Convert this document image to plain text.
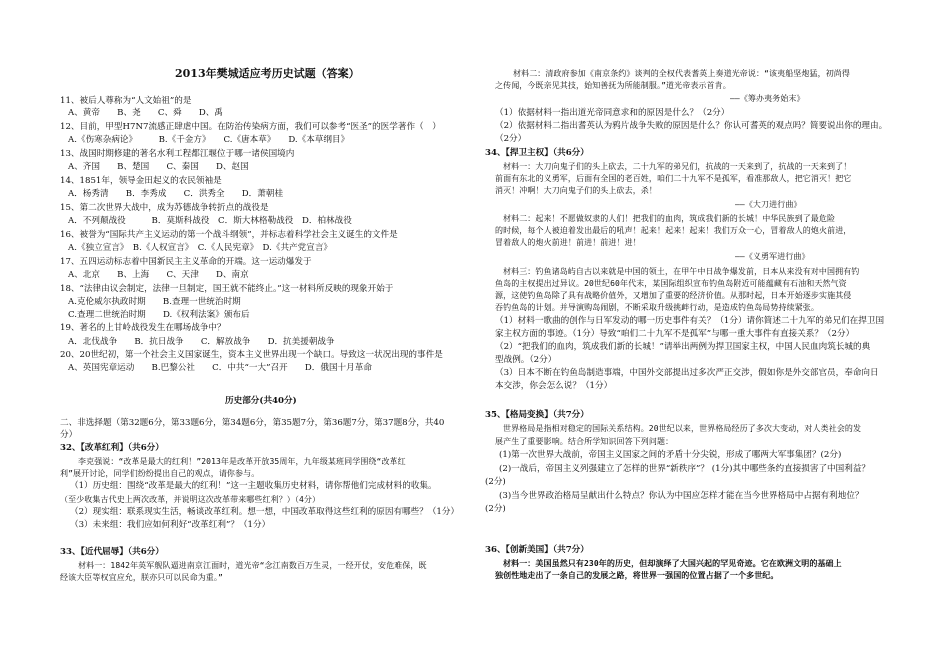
2013年樊城适应考历史试题（答案）
11、被后人尊称为“人文始祖”的是
A、黄帝　　B、尧　　C、舜　　D、禹
12、目前，甲型H7N7流感正肆虐中国。在防治传染病方面，我们可以参考“医圣”的医学著作（　）
A.《伤寒杂病论》　　　B.《千金方》　　C.《唐本草》　　D.《本草纲目》
13、战国时期修建的著名水利工程都江堰位于哪一诸侯国境内
A、齐国　　B、楚国　　C、秦国　　D、赵国
14、1851年，领导金田起义的农民领袖是
A．杨秀清　　B．李秀成　　C．洪秀全　　D．萧朝桂
15、第二次世界大战中，成为苏德战争转折点的战役是
A．不列颠战役　　　B．莫斯科战役　C．斯大林格勒战役　D．柏林战役
16、被誉为“国际共产主义运动的第一个战斗纲领”，并标志着科学社会主义诞生的文件是
A.《独立宣言》　B.《人权宣言》　C.《人民宪章》　D.《共产党宣言》
17、五四运动标志着中国新民主主义革命的开端。这一运动爆发于
A、北京　　B、上海　　C、天津　　D、南京
18、“法律由议会制定，法律一旦制定，国王就不能终止。”这一材料所反映的现象开始于
A.克伦威尔执政时期　　B.查理一世统治时期
C.查理二世统治时期　　D.《权利法案》颁布后
19、著名的上甘岭战役发生在哪场战争中？
A．北伐战争　　B．抗日战争　　C．解放战争　　D．抗美援朝战争
20、20世纪初，第一个社会主义国家诞生，资本主义世界出现一个缺口。导致这一状况出现的事件是
A、英国宪章运动　　B.巴黎公社　　C．中共“一大”召开　　D．俄国十月革命
历史部分(共40分)
二、非选择题（第32题6分，第33题6分，第34题6分，第35题7分，第36题7分，第37题8分，共40
分）
32、【改革红利】（共6分）
李克强说：“改革是最大的红利！”2013年是改革开放35周年，九年级某班同学围绕“改革红
利”展开讨论，同学们纷纷提出自己的观点，请你参与。
（1）历史组：围绕“改革是最大的红利！”这一主题收集历史材料，请你帮他们完成材料的收集。
（至少收集古代史上两次改革，并说明这次改革带来哪些红利？）（4分）
（2）现实组：联系现实生活，畅谈改革红利。想一想，中国改革取得这些红利的原因有哪些？（1分）
（3）未来组：我们应如何利好“改革红利”？（1分）
33、【近代屈辱】（共6分）
材料一：1842年英军舰队逼进南京江面时，道光帝“念江南数百万生灵，一经开仗，安危难保，既
经该大臣等权宜应允，朕亦只可以民命为重。”
材料二：清政府参加《南京条约》谈判的全权代表耆英上奏道光帝说：“该夷船坚炮猛，初尚得
之传闻，今既亲见其技，始知善抚为所能制服。”道光帝表示首肯。
——《筹办夷务始末》
（1）依据材料一指出道光帝同意求和的原因是什么？（2分）
（2）依据材料二指出耆英认为鸦片战争失败的原因是什么？你认可耆英的观点吗？简要说出你的理由。
（2分）
34、【捍卫主权】（共6分）
材料一：大刀向鬼子们的头上砍去，二十九军的弟兄们，抗战的一天来到了，抗战的一天来到了！
前面有东北的义勇军，后面有全国的老百姓，咱们二十九军不是孤军，看准那敌人，把它消灭！把它
消灭！冲啊！大刀向鬼子们的头上砍去，杀！
——《大刀进行曲》
材料二：起来！不愿做奴隶的人们！把我们的血肉，筑成我们新的长城！中华民族到了最危险
的时候，每个人被迫着发出最后的吼声！起来！起来！起来！我们万众一心，冒着敌人的炮火前进，
冒着敌人的炮火前进！前进！前进！进！
——《义勇军进行曲》
材料三：钓鱼诸岛屿自古以来就是中国的领土，在甲午中日战争爆发前，日本从来没有对中国拥有钓
鱼岛的主权提出过异议。20世纪60年代末，某国际组织宣布钓鱼岛附近可能蕴藏有石油和天然气资
源，这使钓鱼岛除了具有战略价值外，又增加了重要的经济价值。从那时起，日本开始逐步实施其侵
吞钓鱼岛的计划。并导演购岛闹剧，不断采取升级挑衅行动，是造成钓鱼岛局势持续紧张。
（1）材料一歌曲的创作与日军发动的哪一历史事件有关？（1分）请你简述二十九军的弟兄们在捍卫国
家主权方面的事迹。（1分）导致“咱们二十九军不是孤军”与哪一重大事件有直接关系？（2分）
（2）“把我们的血肉，筑成我们新的长城！”请举出两例为捍卫国家主权，中国人民血肉筑长城的典
型战例。（2分）
（3）日本不断在钓鱼岛制造事端，中国外交部提出过多次严正交涉，假如你是外交部官员，奉命向日
本交涉，你会怎么说？（1分）
35、【格局变换】（共7分）
世界格局是指相对稳定的国际关系结构。20世纪以来，世界格局经历了多次大变动，对人类社会的发
展产生了重要影响。结合所学知识回答下列问题：
(1)第一次世界大战前，帝国主义国家之间的矛盾十分尖锐，形成了哪两大军事集团？(2分)
(2)一战后，帝国主义列强建立了怎样的世界“新秩序”？ (1分)其中哪些条约直接损害了中国利益？
(2分)
(3)当今世界政治格局呈献出什么特点？你认为中国应怎样才能在当今世界格局中占据有利地位？
(2分)
36、【创新美国】（共7分）
材料一：美国虽然只有230年的历史，但却演绎了大国兴起的罕见奇迹。它在欧洲文明的基础上
独创性地走出了一条自己的发展之路，将世界一强国的位置占据了一个多世纪。
